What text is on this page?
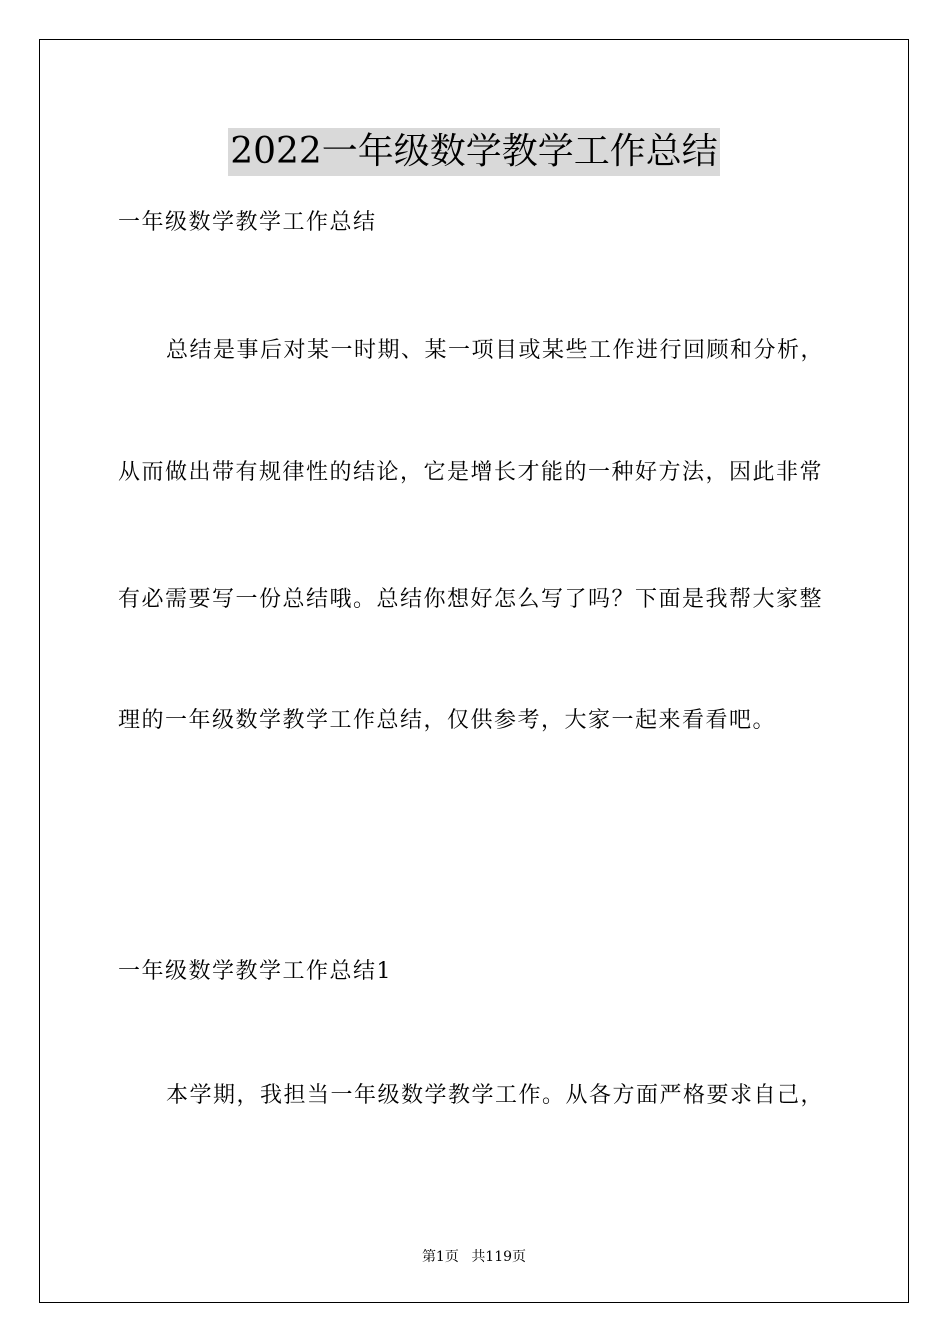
2022一年级数学教学工作总结
一年级数学教学工作总结
总结是事后对某一时期、某一项目或某些工作进行回顾和分析，
从而做出带有规律性的结论，它是增长才能的一种好方法，因此非常
有必需要写一份总结哦。总结你想好怎么写了吗？下面是我帮大家整
理的一年级数学教学工作总结，仅供参考，大家一起来看看吧。
一年级数学教学工作总结1
本学期，我担当一年级数学教学工作。从各方面严格要求自己，
第1页 共119页
